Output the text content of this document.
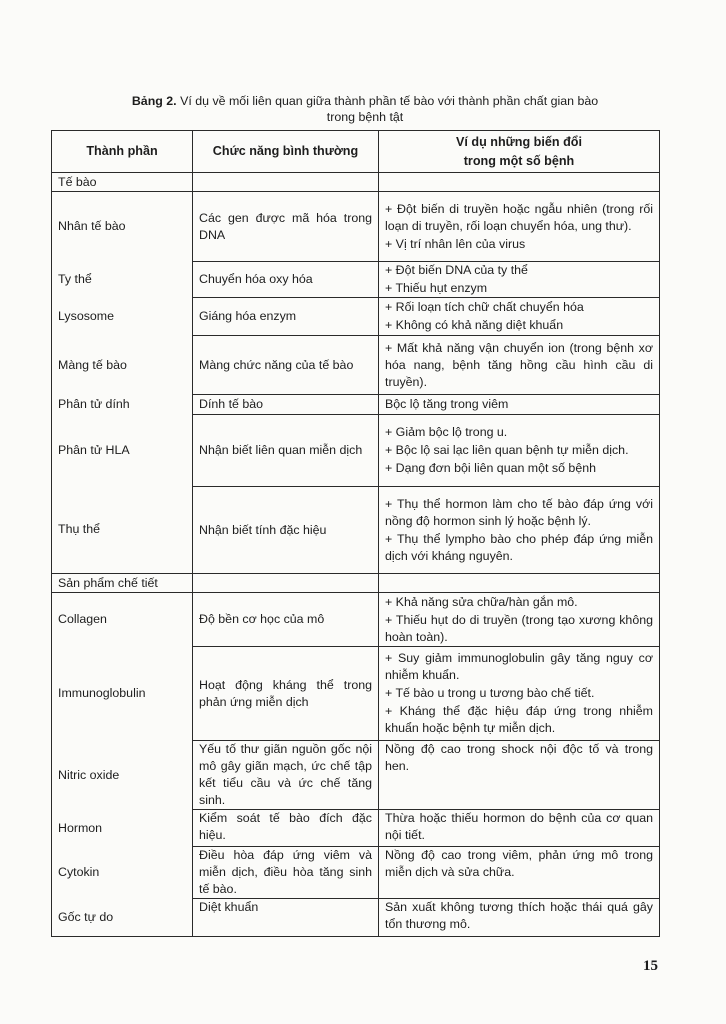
Bảng 2. Ví dụ về mối liên quan giữa thành phần tế bào với thành phần chất gian bào
trong bệnh tật
Thành phần	Chức năng bình thường	Ví dụ những biến đổi
trong một số bệnh
Tế bào		
Nhân tế bào	Các gen được mã hóa trong DNA	+ Đột biến di truyền hoặc ngẫu nhiên (trong rối loạn di truyền, rối loạn chuyển hóa, ung thư).

+ Vị trí nhân lên của virus

Ty thể	Chuyển hóa oxy hóa	+ Đột biến DNA của ty thể

+ Thiếu hụt enzym

Lysosome	Giáng hóa enzym	+ Rối loạn tích chữ chất chuyển hóa

+ Không có khả năng diệt khuẩn

Màng tế bào	Màng chức năng của tế bào	+ Mất khả năng vận chuyển ion (trong bệnh xơ hóa nang, bệnh tăng hồng cầu hình cầu di truyền).

Phân tử dính	Dính tế bào	Bộc lộ tăng trong viêm

Phân tử HLA	Nhận biết liên quan miễn dịch	+ Giảm bộc lộ trong u.

+ Bộc lộ sai lạc liên quan bệnh tự miễn dịch.

+ Dạng đơn bội liên quan một số bệnh

Thụ thể	Nhận biết tính đặc hiệu	+ Thụ thể hormon làm cho tế bào đáp ứng với nồng độ hormon sinh lý hoặc bệnh lý.

+ Thụ thể lympho bào cho phép đáp ứng miễn dịch với kháng nguyên.

Sản phẩm chế tiết		
Collagen	Độ bền cơ học của mô	+ Khả năng sửa chữa/hàn gắn mô.

+ Thiếu hụt do di truyền (trong tạo xương không hoàn toàn).

Immunoglobulin	Hoạt động kháng thể trong phản ứng miễn dịch	+ Suy giảm immunoglobulin gây tăng nguy cơ nhiễm khuẩn.

+ Tế bào u trong u tương bào chế tiết.

+ Kháng thể đặc hiệu đáp ứng trong nhiễm khuẩn hoặc bệnh tự miễn dịch.

Nitric oxide	Yếu tố thư giãn nguồn gốc nội mô gây giãn mạch, ức chế tập kết tiểu cầu và ức chế tăng sinh.	Nồng độ cao trong shock nội độc tố và trong hen.

Hormon	Kiểm soát tế bào đích đặc hiệu.	Thừa hoặc thiếu hormon do bệnh của cơ quan nội tiết.

Cytokin	Điều hòa đáp ứng viêm và miễn dịch, điều hòa tăng sinh tế bào.	Nồng độ cao trong viêm, phản ứng mô trong miễn dịch và sửa chữa.

Gốc tự do	Diệt khuẩn	Sản xuất không tương thích hoặc thái quá gây tổn thương mô.

15
